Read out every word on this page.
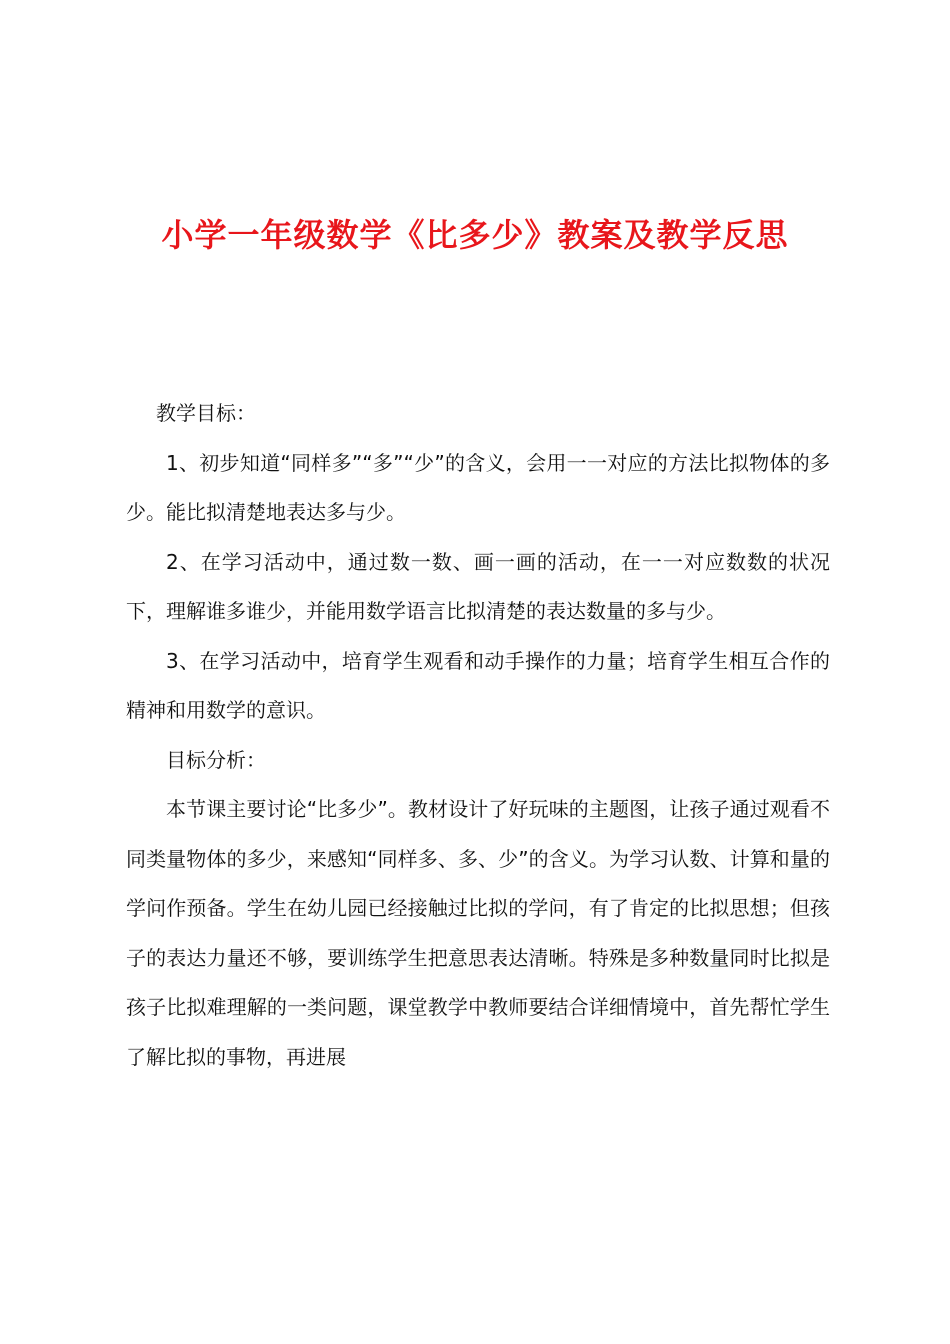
小学一年级数学《比多少》教案及教学反思

教学目标：

1、初步知道“同样多”“多”“少”的含义，会用一一对应的方法比拟物体的多少。能比拟清楚地表达多与少。

2、在学习活动中，通过数一数、画一画的活动，在一一对应数数的状况下，理解谁多谁少，并能用数学语言比拟清楚的表达数量的多与少。

3、在学习活动中，培育学生观看和动手操作的力量；培育学生相互合作的精神和用数学的意识。

目标分析：

本节课主要讨论“比多少”。教材设计了好玩味的主题图，让孩子通过观看不同类量物体的多少，来感知“同样多、多、少”的含义。为学习认数、计算和量的学问作预备。学生在幼儿园已经接触过比拟的学问，有了肯定的比拟思想；但孩子的表达力量还不够，要训练学生把意思表达清晰。特殊是多种数量同时比拟是孩子比拟难理解的一类问题，课堂教学中教师要结合详细情境中，首先帮忙学生了解比拟的事物，再进展
